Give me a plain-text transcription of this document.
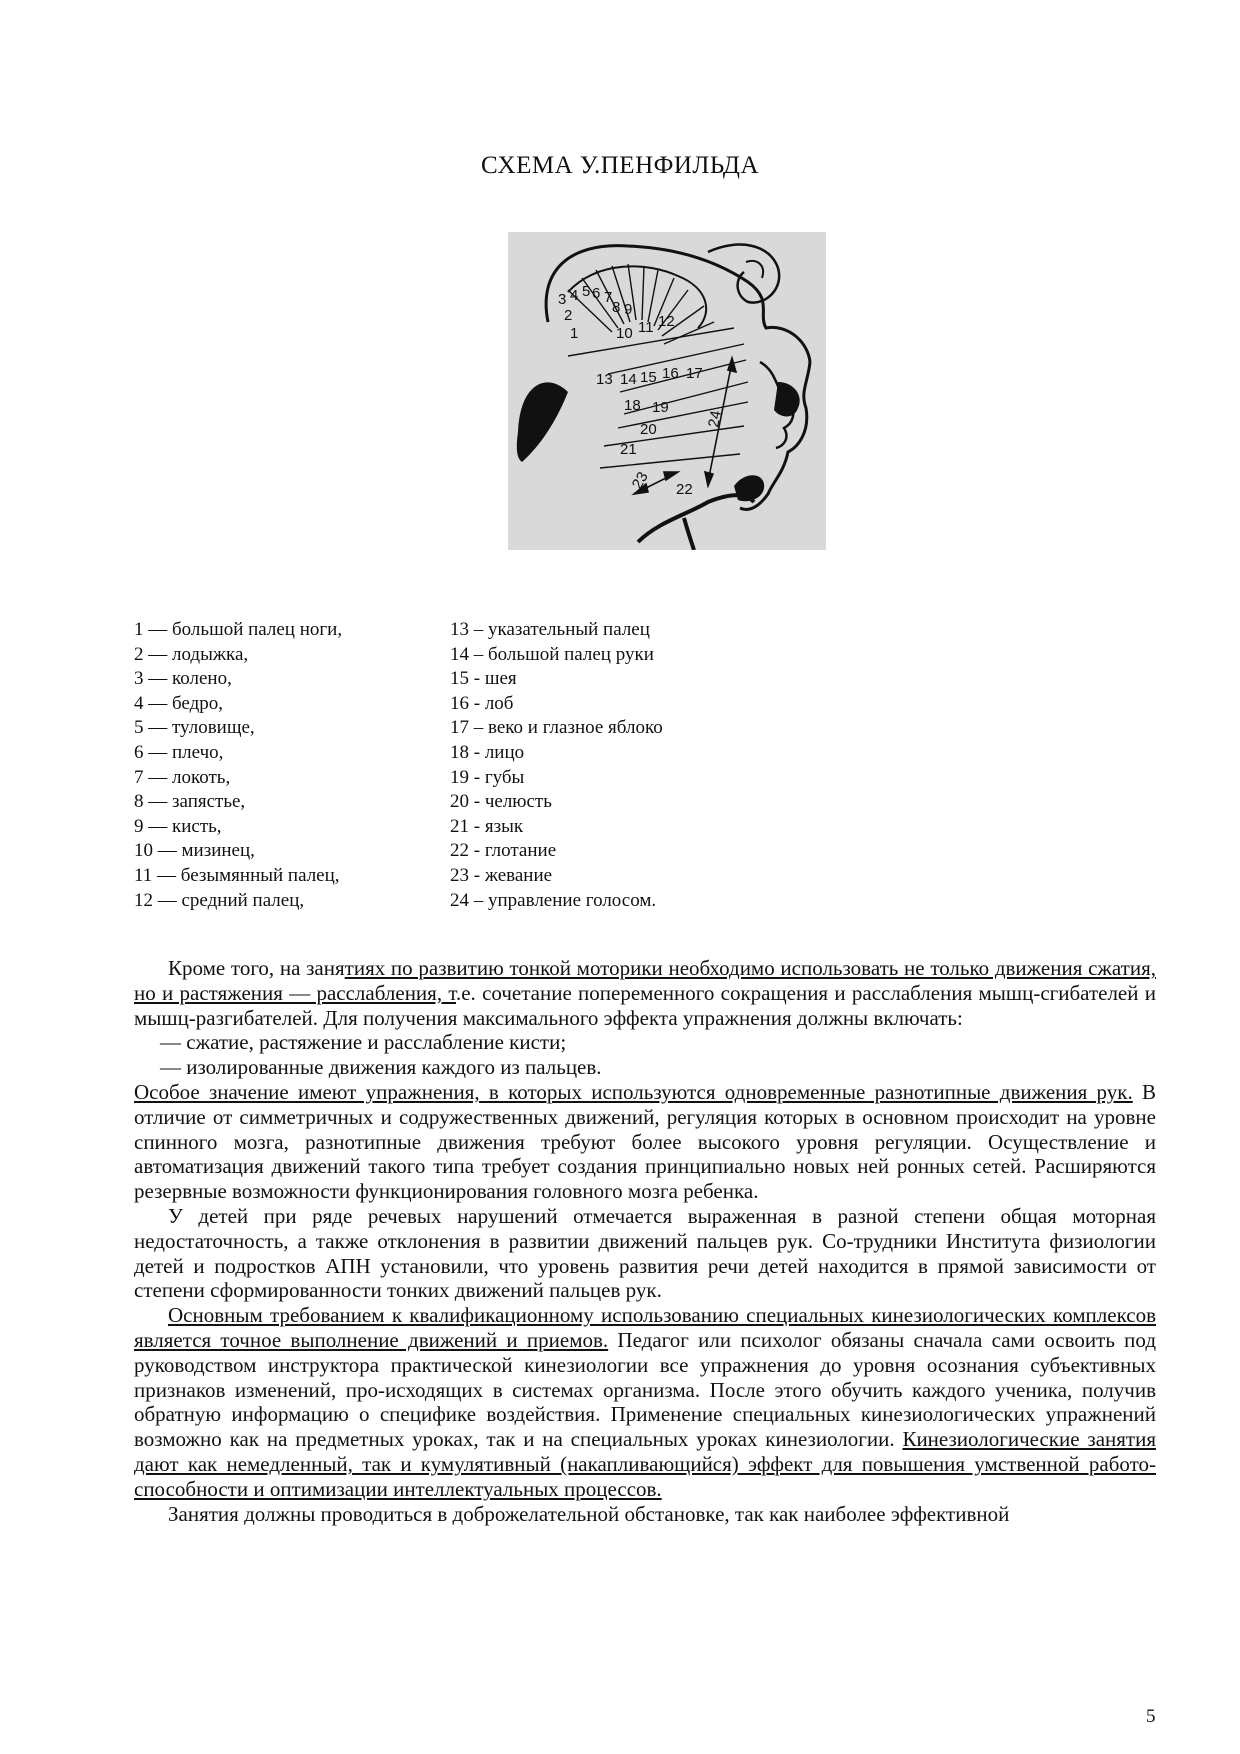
СХЕМА У.ПЕНФИЛЬДА
1
2
3 4 5 6 7
8 9
10 11 12
13 14 15 16 17
18 19
20
21
22
23
24
1 — большой палец ноги,	13 – указательный палец
2 — лодыжка,	14 – большой палец руки
3 — колено,	15 - шея
4 — бедро,	16 - лоб
5 — туловище,	17 – веко и глазное яблоко
6 — плечо,	18 - лицо
7 — локоть,	19 - губы
8 — запястье,	20 - челюсть
9 — кисть,	21 - язык
10 — мизинец,	22 - глотание
11 — безымянный палец,	23 - жевание
12 — средний палец,	24 – управление голосом.

Кроме того, на занятиях по развитию тонкой моторики необходимо использовать не только движения сжатия, но и растяжения — расслабления, т.е. сочетание попеременного сокращения и расслабления мышц-сгибателей и мышц-разгибателей. Для получения максимального эффекта упражнения должны включать:

— сжатие, растяжение и расслабление кисти;

— изолированные движения каждого из пальцев.

Особое значение имеют упражнения, в которых используются одновременные разнотипные движения рук. В отличие от симметричных и содружественных движений, регуляция которых в основном происходит на уровне спинного мозга, разнотипные движения требуют более высокого уровня регуляции. Осуществление и автоматизация движений такого типа требует создания принципиально новых ней ронных сетей. Расширяются резервные возможности функционирования головного мозга ребенка.

У детей при ряде речевых нарушений отмечается выраженная в разной степени общая моторная недостаточность, а также отклонения в развитии движений пальцев рук. Со-трудники Института физиологии детей и подростков АПН установили, что уровень развития речи детей находится в прямой зависимости от степени сформированности тонких движений пальцев рук.

Основным требованием к квалификационному использованию специальных кинезиологических комплексов является точное выполнение движений и приемов. Педагог или психолог обязаны сначала сами освоить под руководством инструктора практической кинезиологии все упражнения до уровня осознания субъективных признаков изменений, про-исходящих в системах организма. После этого обучить каждого ученика, получив обратную информацию о специфике воздействия. Применение специальных кинезиологических упражнений возможно как на предметных уроках, так и на специальных уроках кинезиологии. Кинезиологические занятия дают как немедленный, так и кумулятивный (накапливающийся) эффект для повышения умственной работо-способности и оптимизации интеллектуальных процессов.

Занятия должны проводиться в доброжелательной обстановке, так как наиболее эффективной

5
